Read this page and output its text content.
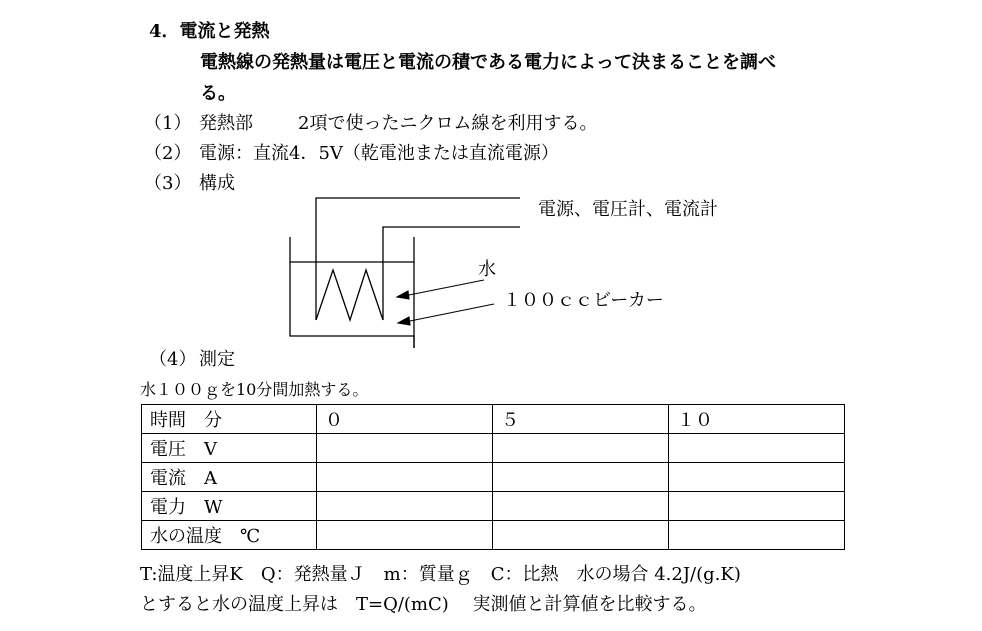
4．電流と発熱
電熱線の発熱量は電圧と電流の積である電力によって決まることを調べ
る。
（1） 発熱部	2項で使ったニクロム線を利用する。
（2） 電源：直流4．5V（乾電池または直流電源）
（3） 構成
電源、電圧計、電流計
水
１００ｃｃビーカー
（4） 測定
水１００ｇを10分間加熱する。
時間　分	０	５	１０
電圧　V			
電流　A			
電力　W			
水の温度　℃			
T:温度上昇K　Q：発熱量Ｊ　m：質量ｇ　C：比熱　水の場合 4.2J/(g.K)
とすると水の温度上昇は　T=Q/(mC)　 実測値と計算値を比較する。
